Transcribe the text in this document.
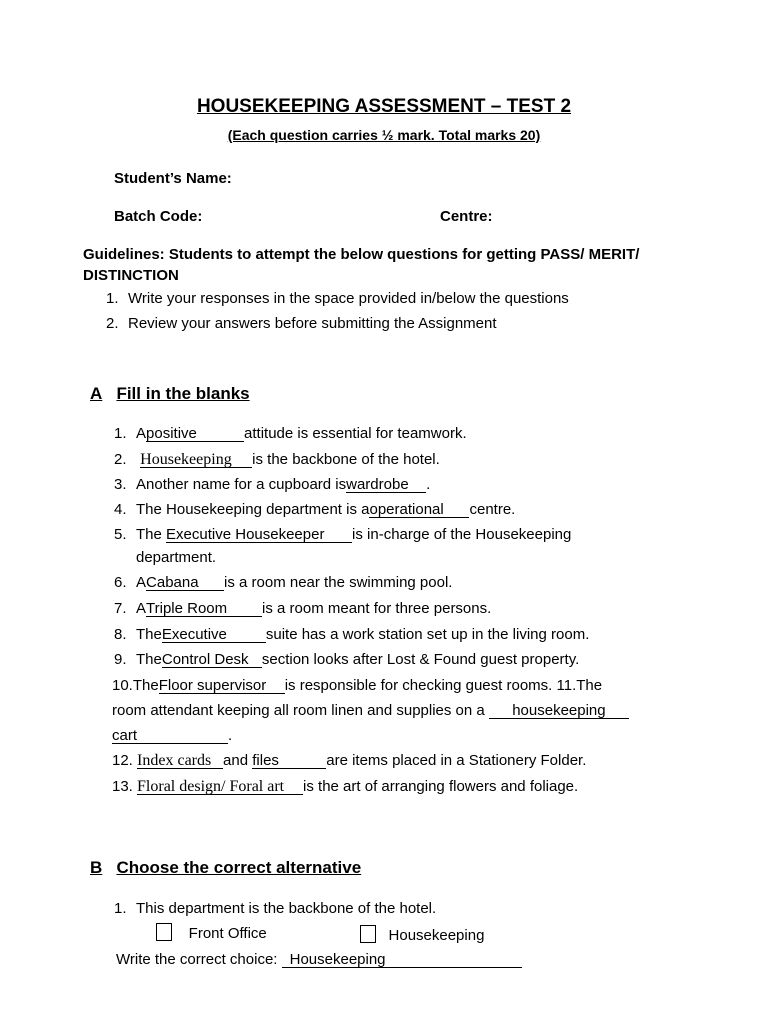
HOUSEKEEPING ASSESSMENT – TEST 2
(Each question carries ½ mark. Total marks 20)
Student’s Name:
Batch Code:	Centre:
Guidelines: Students to attempt the below questions for getting PASS/ MERIT/
DISTINCTION
1. Write your responses in the space provided in/below the questions
2. Review your answers before submitting the Assignment
A Fill in the blanks
1. Apositive	attitude is essential for teamwork.
2. Housekeeping is the backbone of the hotel.
3. Another name for a cupboard iswardrobe .
4. The Housekeeping department is aoperational centre.
5. The Executive Housekeeper is in-charge of the Housekeeping
department.
6. ACabana is a room near the swimming pool.
7. ATriple Room is a room meant for three persons.
8. TheExecutive	suite has a work station set up in the living room.
9. TheControl Desk section looks after Lost & Found guest property.
10.TheFloor supervisor is responsible for checking guest rooms. 11.The
room attendant keeping all room linen and supplies on a housekeeping
cart	.
12. Index cards and files	are items placed in a Stationery Folder.
13. Floral design/ Foral art is the art of arranging flowers and foliage.
B Choose the correct alternative
1. This department is the backbone of the hotel.
Front Office	Housekeeping
Write the correct choice: Housekeeping
